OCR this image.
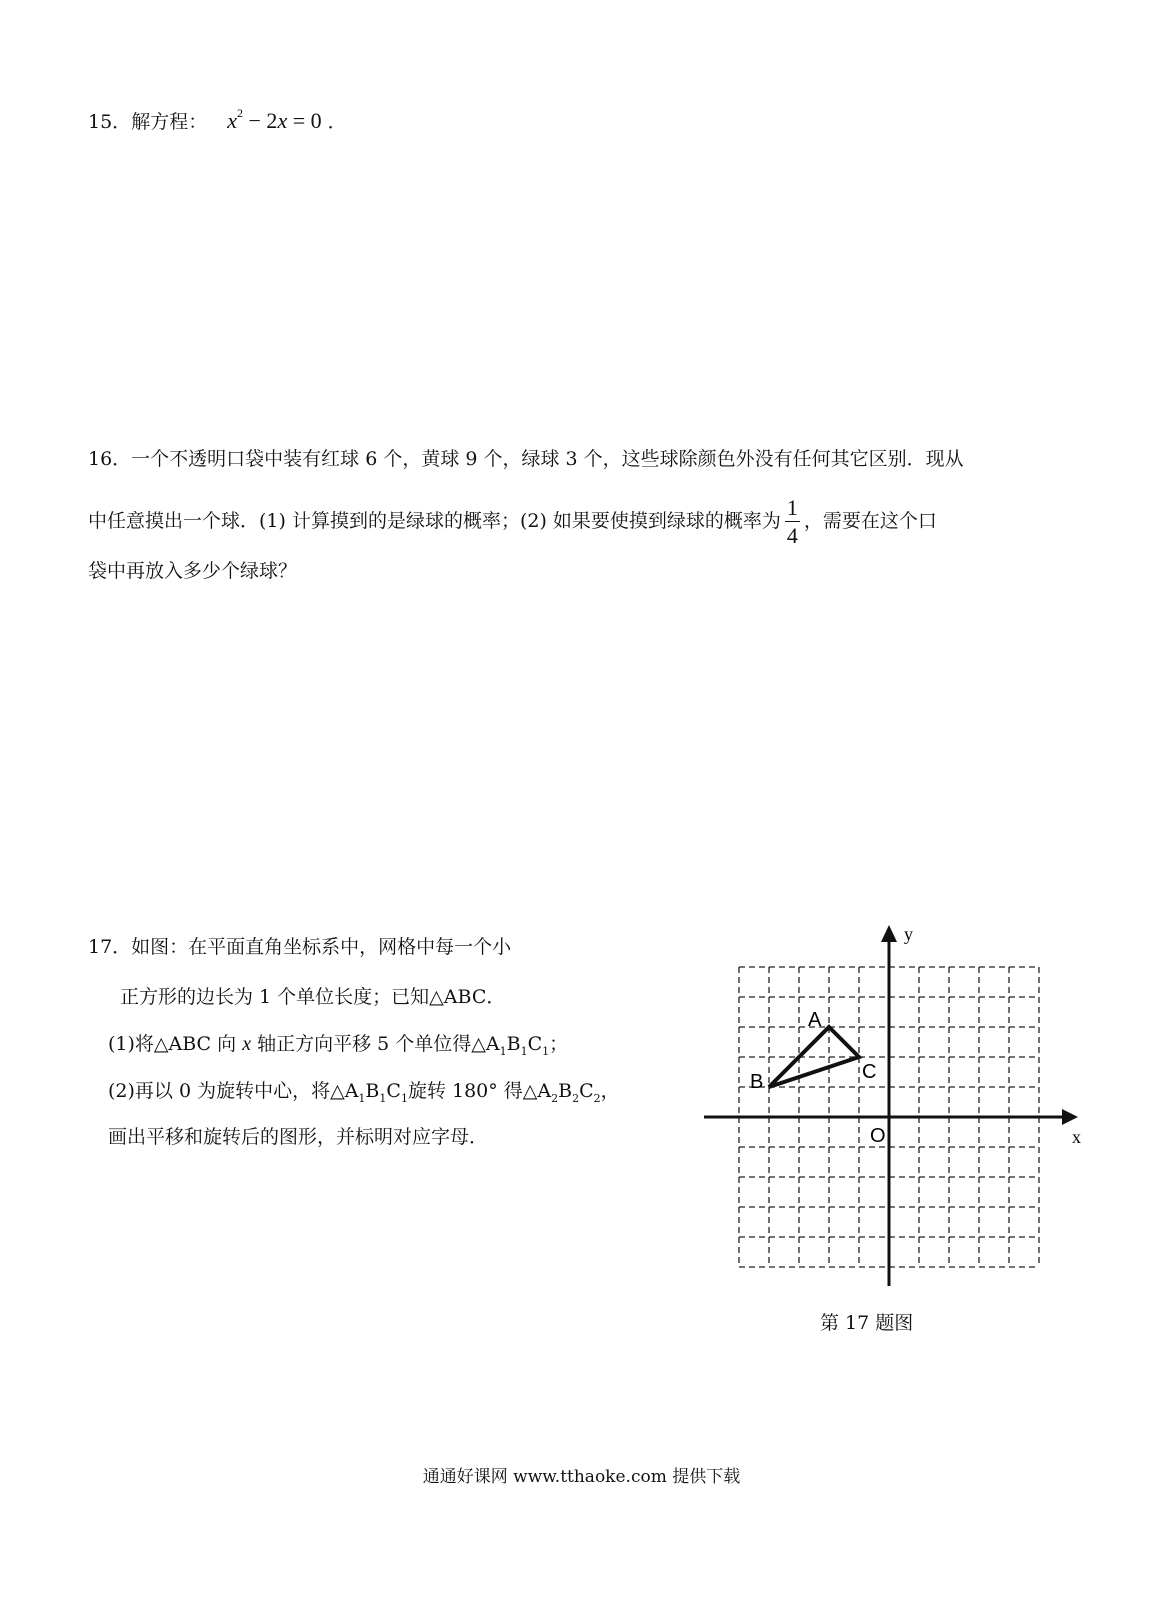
15．解方程： $x^2 - 2x = 0$ ．
16．一个不透明口袋中装有红球 6 个，黄球 9 个，绿球 3 个，这些球除颜色外没有任何其它区别．现从
中任意摸出一个球．(1) 计算摸到的是绿球的概率；(2) 如果要使摸到绿球的概率为 $\frac{1}{4}$ ，需要在这个口
袋中再放入多少个绿球？
17．如图：在平面直角坐标系中，网格中每一个小
正方形的边长为 1 个单位长度；已知△ABC．
(1)将△ABC 向 x 轴正方向平移 5 个单位得$\triangle A_1B_1C_1$；
(2)再以 0 为旋转中心，将$\triangle A_1B_1C_1$旋转 180° 得$\triangle A_2B_2C_2$，
画出平移和旋转后的图形，并标明对应字母．
y
x
O
A
B	C
第 17 题图
通通好课网 www.tthaoke.com 提供下载
